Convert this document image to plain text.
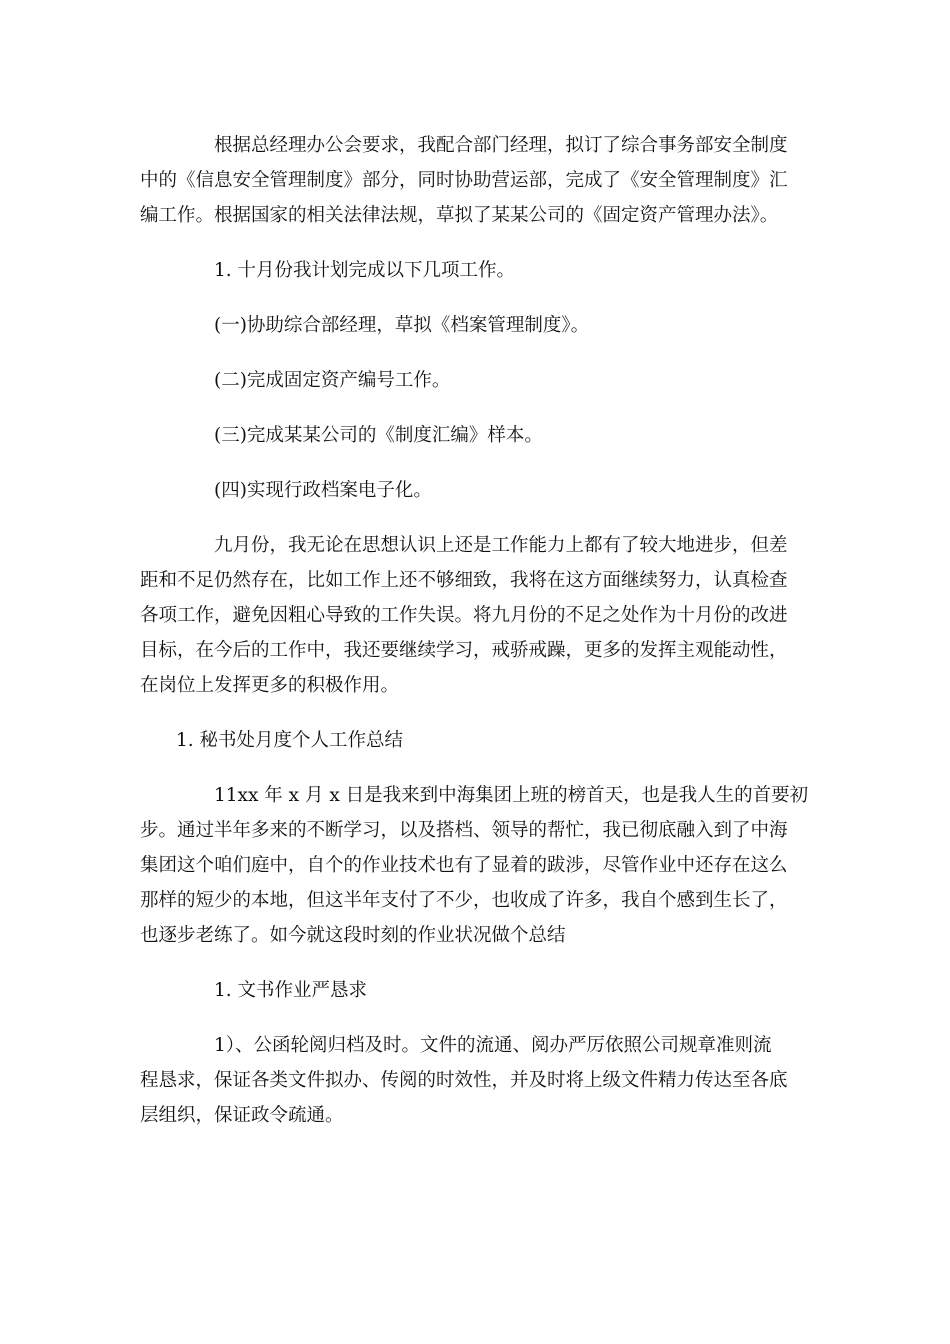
根据总经理办公会要求，我配合部门经理，拟订了综合事务部安全制度
中的《信息安全管理制度》部分，同时协助营运部，完成了《安全管理制度》汇
编工作。根据国家的相关法律法规，草拟了某某公司的《固定资产管理办法》。
1. 十月份我计划完成以下几项工作。
(一)协助综合部经理，草拟《档案管理制度》。
(二)完成固定资产编号工作。
(三)完成某某公司的《制度汇编》样本。
(四)实现行政档案电子化。
九月份，我无论在思想认识上还是工作能力上都有了较大地进步，但差
距和不足仍然存在，比如工作上还不够细致，我将在这方面继续努力，认真检查
各项工作，避免因粗心导致的工作失误。将九月份的不足之处作为十月份的改进
目标，在今后的工作中，我还要继续学习，戒骄戒躁，更多的发挥主观能动性，
在岗位上发挥更多的积极作用。
1. 秘书处月度个人工作总结
11xx 年 x 月 x 日是我来到中海集团上班的榜首天，也是我人生的首要初
步。通过半年多来的不断学习，以及搭档、领导的帮忙，我已彻底融入到了中海
集团这个咱们庭中，自个的作业技术也有了显着的跋涉，尽管作业中还存在这么
那样的短少的本地，但这半年支付了不少，也收成了许多，我自个感到生长了，
也逐步老练了。如今就这段时刻的作业状况做个总结
1. 文书作业严恳求
1）、公函轮阅归档及时。文件的流通、阅办严厉依照公司规章准则流
程恳求，保证各类文件拟办、传阅的时效性，并及时将上级文件精力传达至各底
层组织，保证政令疏通。
